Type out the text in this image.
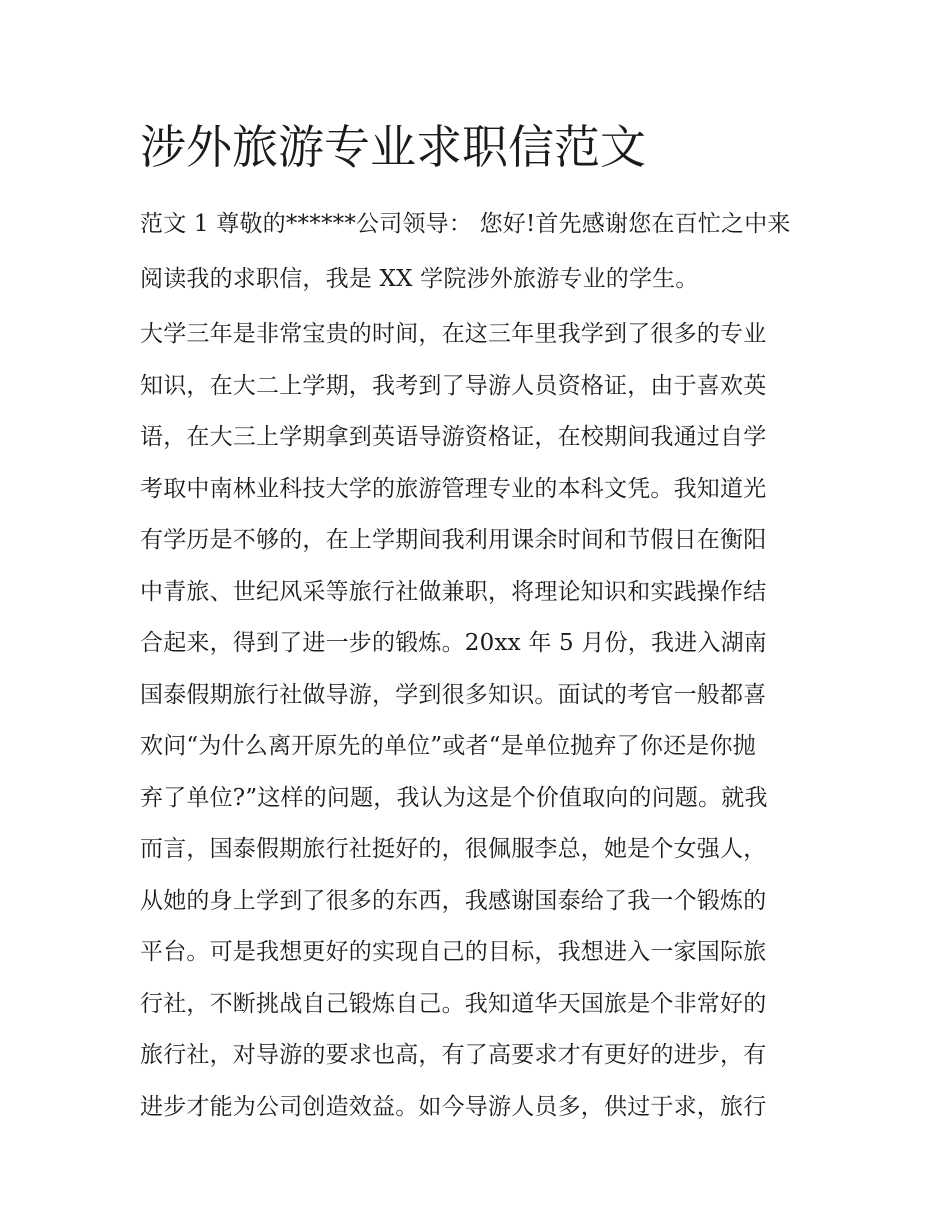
涉外旅游专业求职信范文
范文 1 尊敬的******公司领导： 您好!首先感谢您在百忙之中来
阅读我的求职信，我是 XX 学院涉外旅游专业的学生。
大学三年是非常宝贵的时间，在这三年里我学到了很多的专业
知识，在大二上学期，我考到了导游人员资格证，由于喜欢英
语，在大三上学期拿到英语导游资格证，在校期间我通过自学
考取中南林业科技大学的旅游管理专业的本科文凭。我知道光
有学历是不够的，在上学期间我利用课余时间和节假日在衡阳
中青旅、世纪风采等旅行社做兼职，将理论知识和实践操作结
合起来，得到了进一步的锻炼。20xx 年 5 月份，我进入湖南
国泰假期旅行社做导游，学到很多知识。面试的考官一般都喜
欢问“为什么离开原先的单位”或者“是单位抛弃了你还是你抛
弃了单位?”这样的问题，我认为这是个价值取向的问题。就我
而言，国泰假期旅行社挺好的，很佩服李总，她是个女强人，
从她的身上学到了很多的东西，我感谢国泰给了我一个锻炼的
平台。可是我想更好的实现自己的目标，我想进入一家国际旅
行社，不断挑战自己锻炼自己。我知道华天国旅是个非常好的
旅行社，对导游的要求也高，有了高要求才有更好的进步，有
进步才能为公司创造效益。如今导游人员多，供过于求，旅行
